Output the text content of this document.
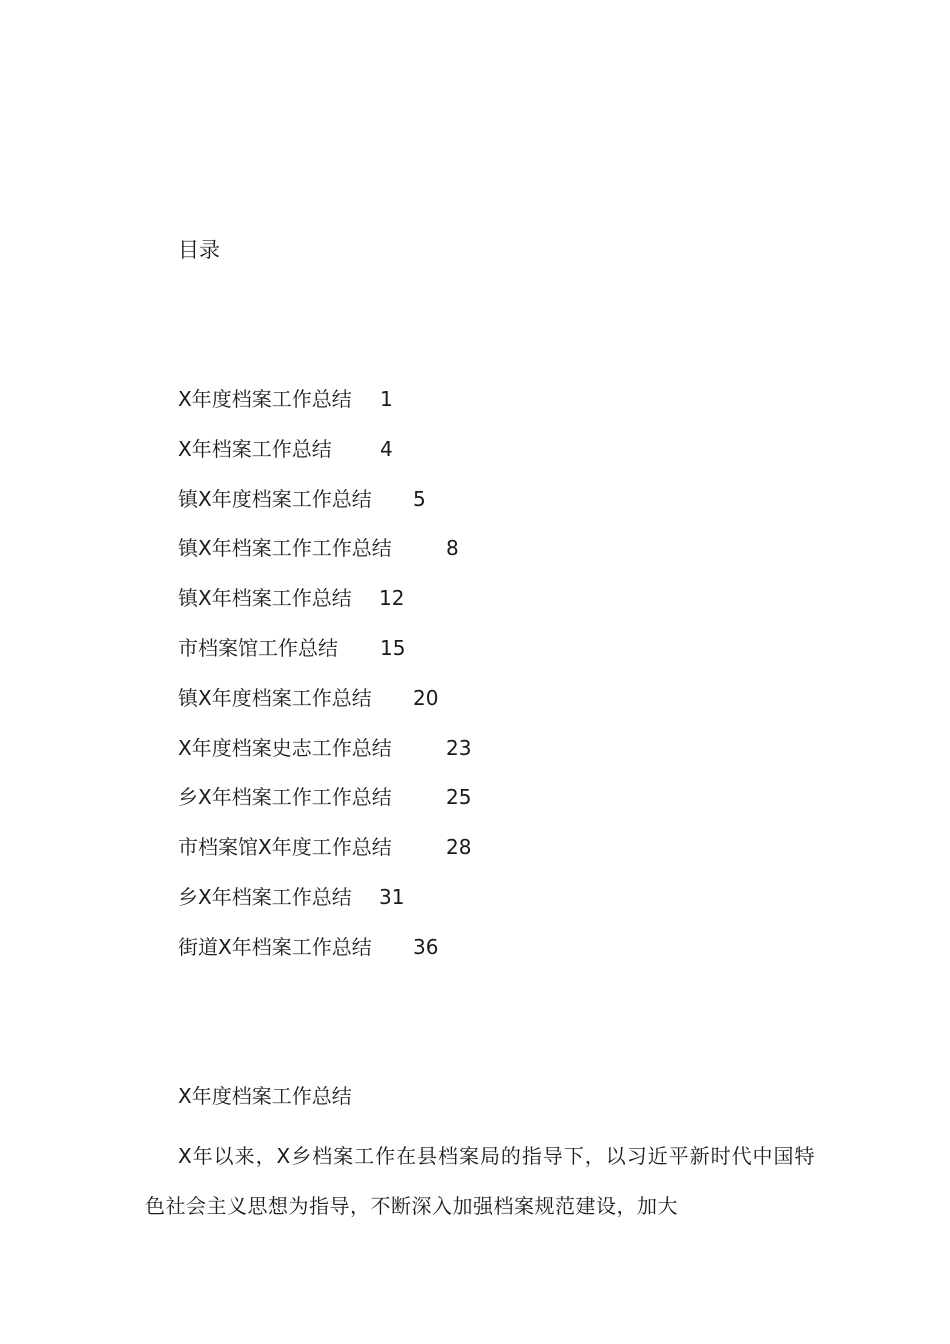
目录
X年度档案工作总结 1
X年档案工作总结 4
镇X年度档案工作总结 5
镇X年档案工作工作总结	8
镇X年档案工作总结 12
市档案馆工作总结 15
镇X年度档案工作总结 20
X年度档案史志工作总结	23
乡X年档案工作工作总结	25
市档案馆X年度工作总结	28
乡X年档案工作总结 31
街道X年档案工作总结 36
X年度档案工作总结

X年以来，X乡档案工作在县档案局的指导下，以习近平新时代中国特色社会主义思想为指导，不断深入加强档案规范建设，加大
